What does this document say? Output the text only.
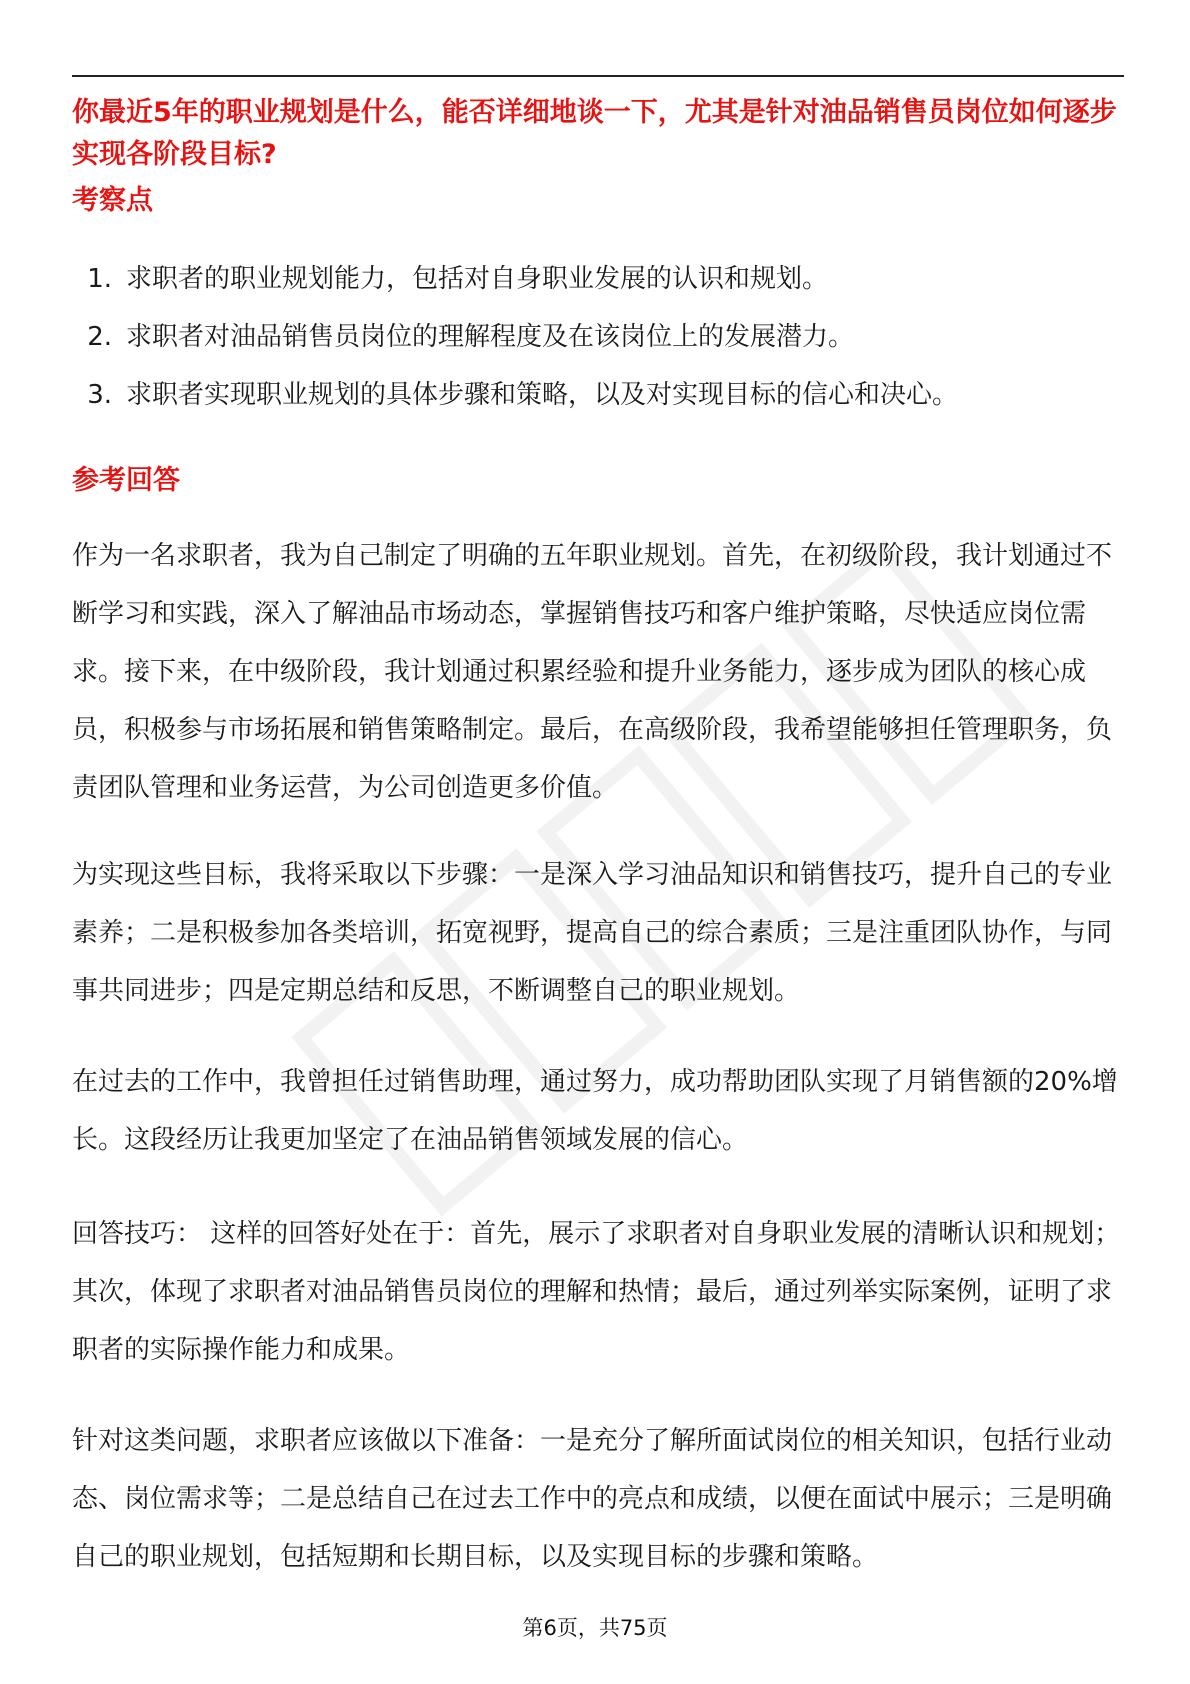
你最近5年的职业规划是什么，能否详细地谈一下，尤其是针对油品销售员岗位如何逐步实现各阶段目标?
考察点
1. 求职者的职业规划能力，包括对自身职业发展的认识和规划。
2. 求职者对油品销售员岗位的理解程度及在该岗位上的发展潜力。
3. 求职者实现职业规划的具体步骤和策略，以及对实现目标的信心和决心。
参考回答

作为一名求职者，我为自己制定了明确的五年职业规划。首先，在初级阶段，我计划通过不断学习和实践，深入了解油品市场动态，掌握销售技巧和客户维护策略，尽快适应岗位需求。接下来，在中级阶段，我计划通过积累经验和提升业务能力，逐步成为团队的核心成员，积极参与市场拓展和销售策略制定。最后，在高级阶段，我希望能够担任管理职务，负责团队管理和业务运营，为公司创造更多价值。

为实现这些目标，我将采取以下步骤：一是深入学习油品知识和销售技巧，提升自己的专业素养；二是积极参加各类培训，拓宽视野，提高自己的综合素质；三是注重团队协作，与同事共同进步；四是定期总结和反思，不断调整自己的职业规划。

在过去的工作中，我曾担任过销售助理，通过努力，成功帮助团队实现了月销售额的20%增长。这段经历让我更加坚定了在油品销售领域发展的信心。

回答技巧： 这样的回答好处在于：首先，展示了求职者对自身职业发展的清晰认识和规划；其次，体现了求职者对油品销售员岗位的理解和热情；最后，通过列举实际案例，证明了求职者的实际操作能力和成果。

针对这类问题，求职者应该做以下准备：一是充分了解所面试岗位的相关知识，包括行业动态、岗位需求等；二是总结自己在过去工作中的亮点和成绩，以便在面试中展示；三是明确自己的职业规划，包括短期和长期目标，以及实现目标的步骤和策略。

第6页，共75页
